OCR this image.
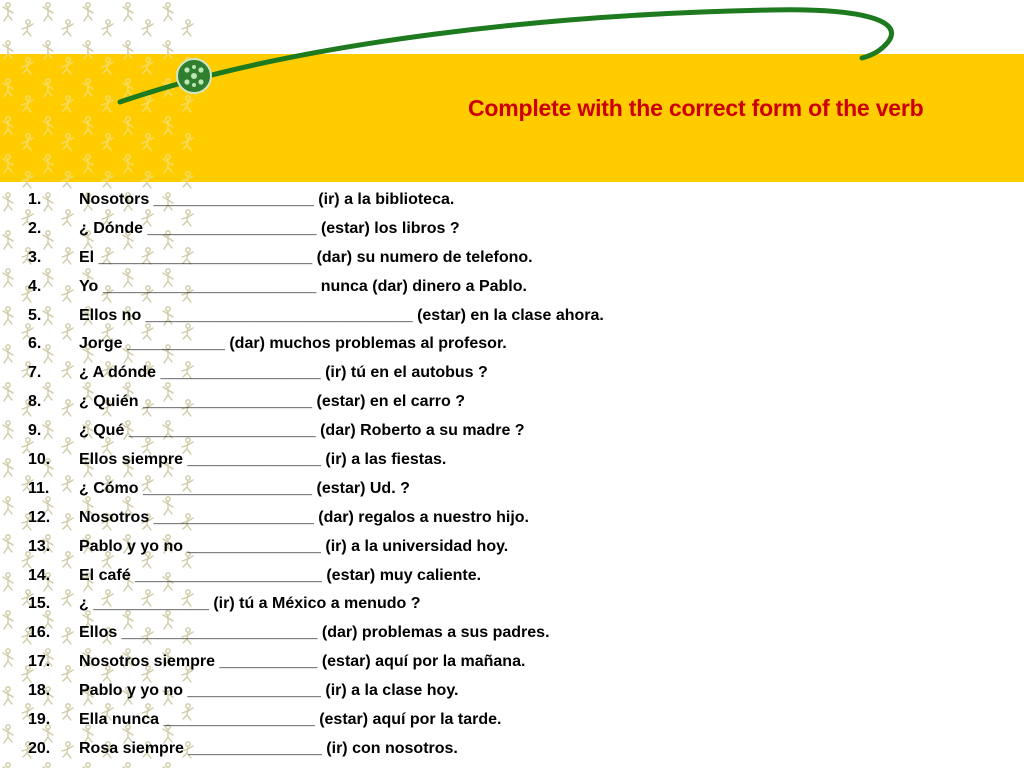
Complete with the correct form of the verb
1.	Nosotors __________________ (ir) a la biblioteca.
2.	¿ Dónde ___________________ (estar) los libros ?
3.	El ________________________ (dar) su numero de telefono.
4.	Yo ________________________ nunca (dar) dinero a Pablo.
5.	Ellos no ______________________________ (estar) en la clase ahora.
6.	Jorge ___________ (dar) muchos problemas al profesor.
7.	¿ A dónde __________________ (ir) tú en el autobus ?
8.	¿ Quién ___________________ (estar) en el carro ?
9.	¿ Qué _____________________ (dar) Roberto a su madre ?
10.	Ellos siempre _______________ (ir) a las fiestas.
11.	¿ Cómo ___________________ (estar) Ud. ?
12.	Nosotros __________________ (dar) regalos a nuestro hijo.
13.	Pablo y yo no _______________ (ir) a la universidad hoy.
14.	El café _____________________ (estar) muy caliente.
15.	¿ _____________ (ir) tú a México a menudo ?
16.	Ellos ______________________ (dar) problemas a sus padres.
17.	Nosotros siempre ___________ (estar) aquí por la mañana.
18.	Pablo y yo no _______________ (ir) a la clase hoy.
19.	Ella nunca _________________ (estar) aquí por la tarde.
20.	Rosa siempre _______________ (ir) con nosotros.
